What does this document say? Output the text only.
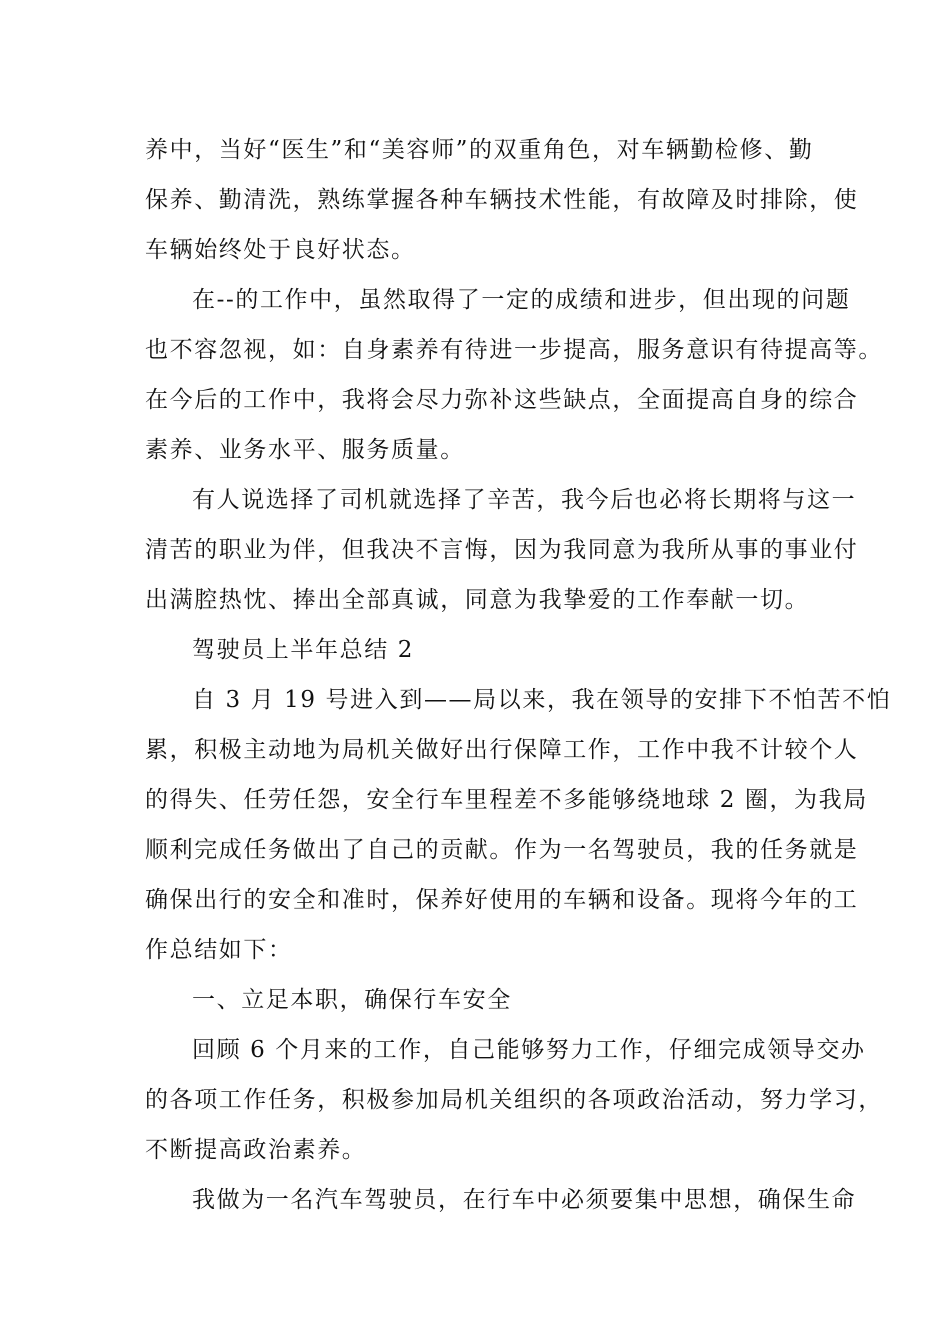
养中，当好“医生”和“美容师”的双重角色，对车辆勤检修、勤
保养、勤清洗，熟练掌握各种车辆技术性能，有故障及时排除，使
车辆始终处于良好状态。
在--的工作中，虽然取得了一定的成绩和进步，但出现的问题
也不容忽视，如：自身素养有待进一步提高，服务意识有待提高等。
在今后的工作中，我将会尽力弥补这些缺点，全面提高自身的综合
素养、业务水平、服务质量。
有人说选择了司机就选择了辛苦，我今后也必将长期将与这一
清苦的职业为伴，但我决不言悔，因为我同意为我所从事的事业付
出满腔热忱、捧出全部真诚，同意为我挚爱的工作奉献一切。
驾驶员上半年总结 2
自 3 月 19 号进入到——局以来，我在领导的安排下不怕苦不怕
累，积极主动地为局机关做好出行保障工作，工作中我不计较个人
的得失、任劳任怨，安全行车里程差不多能够绕地球 2 圈，为我局
顺利完成任务做出了自己的贡献。作为一名驾驶员，我的任务就是
确保出行的安全和准时，保养好使用的车辆和设备。现将今年的工
作总结如下：
一、立足本职，确保行车安全
回顾 6 个月来的工作，自己能够努力工作，仔细完成领导交办
的各项工作任务，积极参加局机关组织的各项政治活动，努力学习，
不断提高政治素养。
我做为一名汽车驾驶员，在行车中必须要集中思想，确保生命
